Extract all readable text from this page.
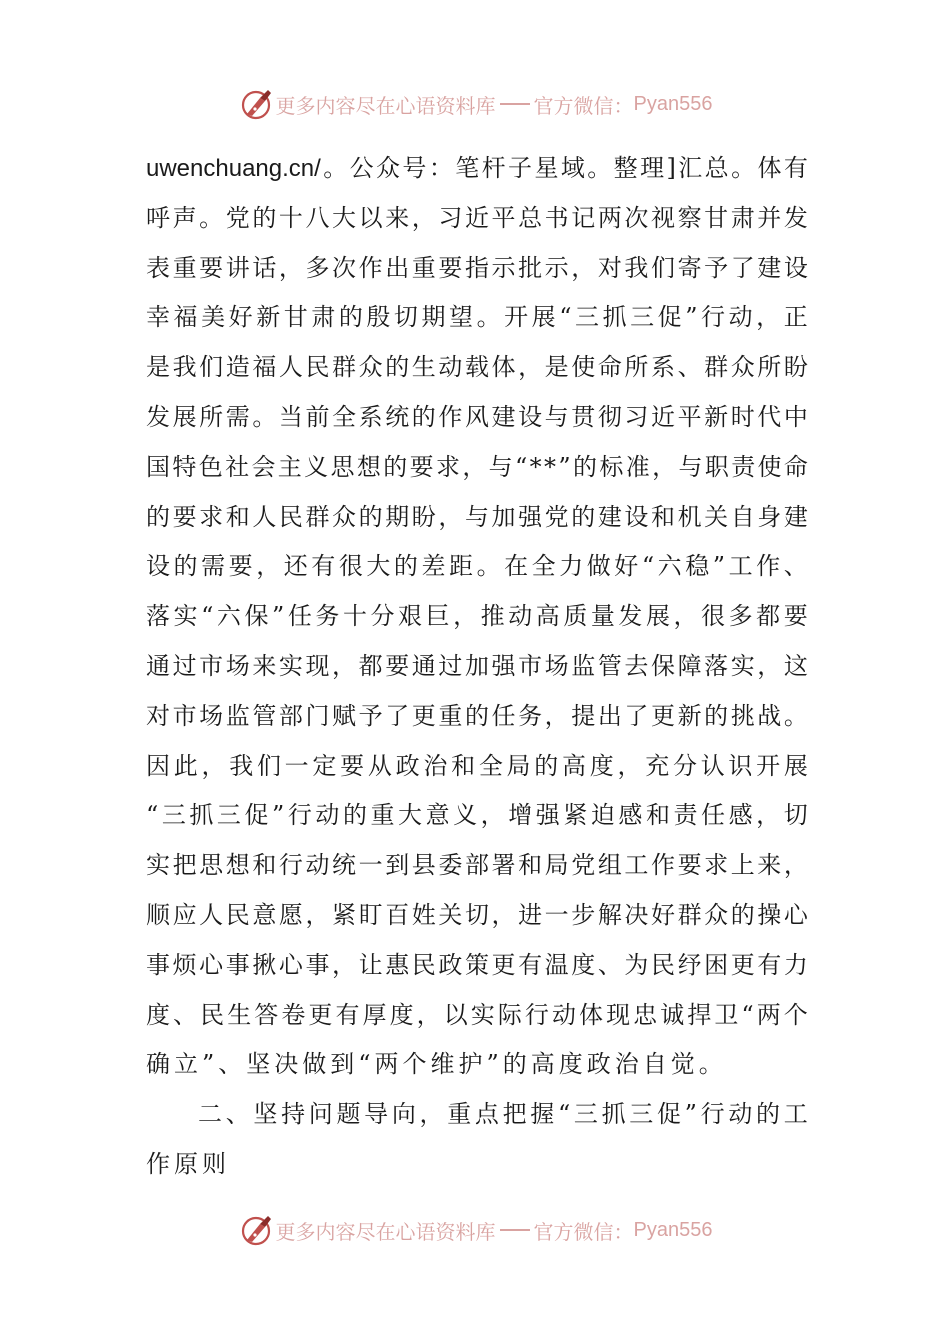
更多内容尽在心语资料库 官方微信： Pyan556
uwenchuang.cn/ 。 公 众 号 ： 笔 杆 子 星 域 。 整 理 ] 汇 总 。 体 有
呼 声 。 党 的 十 八 大 以 来 ， 习 近 平 总 书 记 两 次 视 察 甘 肃 并 发
表 重 要 讲 话 ， 多 次 作 出 重 要 指 示 批 示 ， 对 我 们 寄 予 了 建 设
幸 福 美 好 新 甘 肃 的 殷 切 期 望 。 开 展 “ 三 抓 三 促 ” 行 动 ， 正
是 我 们 造 福 人 民 群 众 的 生 动 载 体 ， 是 使 命 所 系 、 群 众 所 盼
发 展 所 需 。 当 前 全 系 统 的 作 风 建 设 与 贯 彻 习 近 平 新 时 代 中
国 特 色 社 会 主 义 思 想 的 要 求 ， 与 “ * * ” 的 标 准 ， 与 职 责 使 命
的 要 求 和 人 民 群 众 的 期 盼 ， 与 加 强 党 的 建 设 和 机 关 自 身 建
设 的 需 要 ， 还 有 很 大 的 差 距 。 在 全 力 做 好 “ 六 稳 ” 工 作 、
落 实 “ 六 保 ” 任 务 十 分 艰 巨 ， 推 动 高 质 量 发 展 ， 很 多 都 要
通 过 市 场 来 实 现 ， 都 要 通 过 加 强 市 场 监 管 去 保 障 落 实 ， 这
对 市 场 监 管 部 门 赋 予 了 更 重 的 任 务 ， 提 出 了 更 新 的 挑 战 。
因 此 ， 我 们 一 定 要 从 政 治 和 全 局 的 高 度 ， 充 分 认 识 开 展
“ 三 抓 三 促 ” 行 动 的 重 大 意 义 ， 增 强 紧 迫 感 和 责 任 感 ， 切
实 把 思 想 和 行 动 统 一 到 县 委 部 署 和 局 党 组 工 作 要 求 上 来 ，
顺 应 人 民 意 愿 ， 紧 盯 百 姓 关 切 ， 进 一 步 解 决 好 群 众 的 操 心
事 烦 心 事 揪 心 事 ， 让 惠 民 政 策 更 有 温 度 、 为 民 纾 困 更 有 力
度 、 民 生 答 卷 更 有 厚 度 ， 以 实 际 行 动 体 现 忠 诚 捍 卫 “ 两 个
确立”、坚决做到“两个维护”的高度政治自觉。
二 、 坚 持 问 题 导 向 ， 重 点 把 握 “ 三 抓 三 促 ” 行 动 的 工
作原则
更多内容尽在心语资料库 官方微信： Pyan556
